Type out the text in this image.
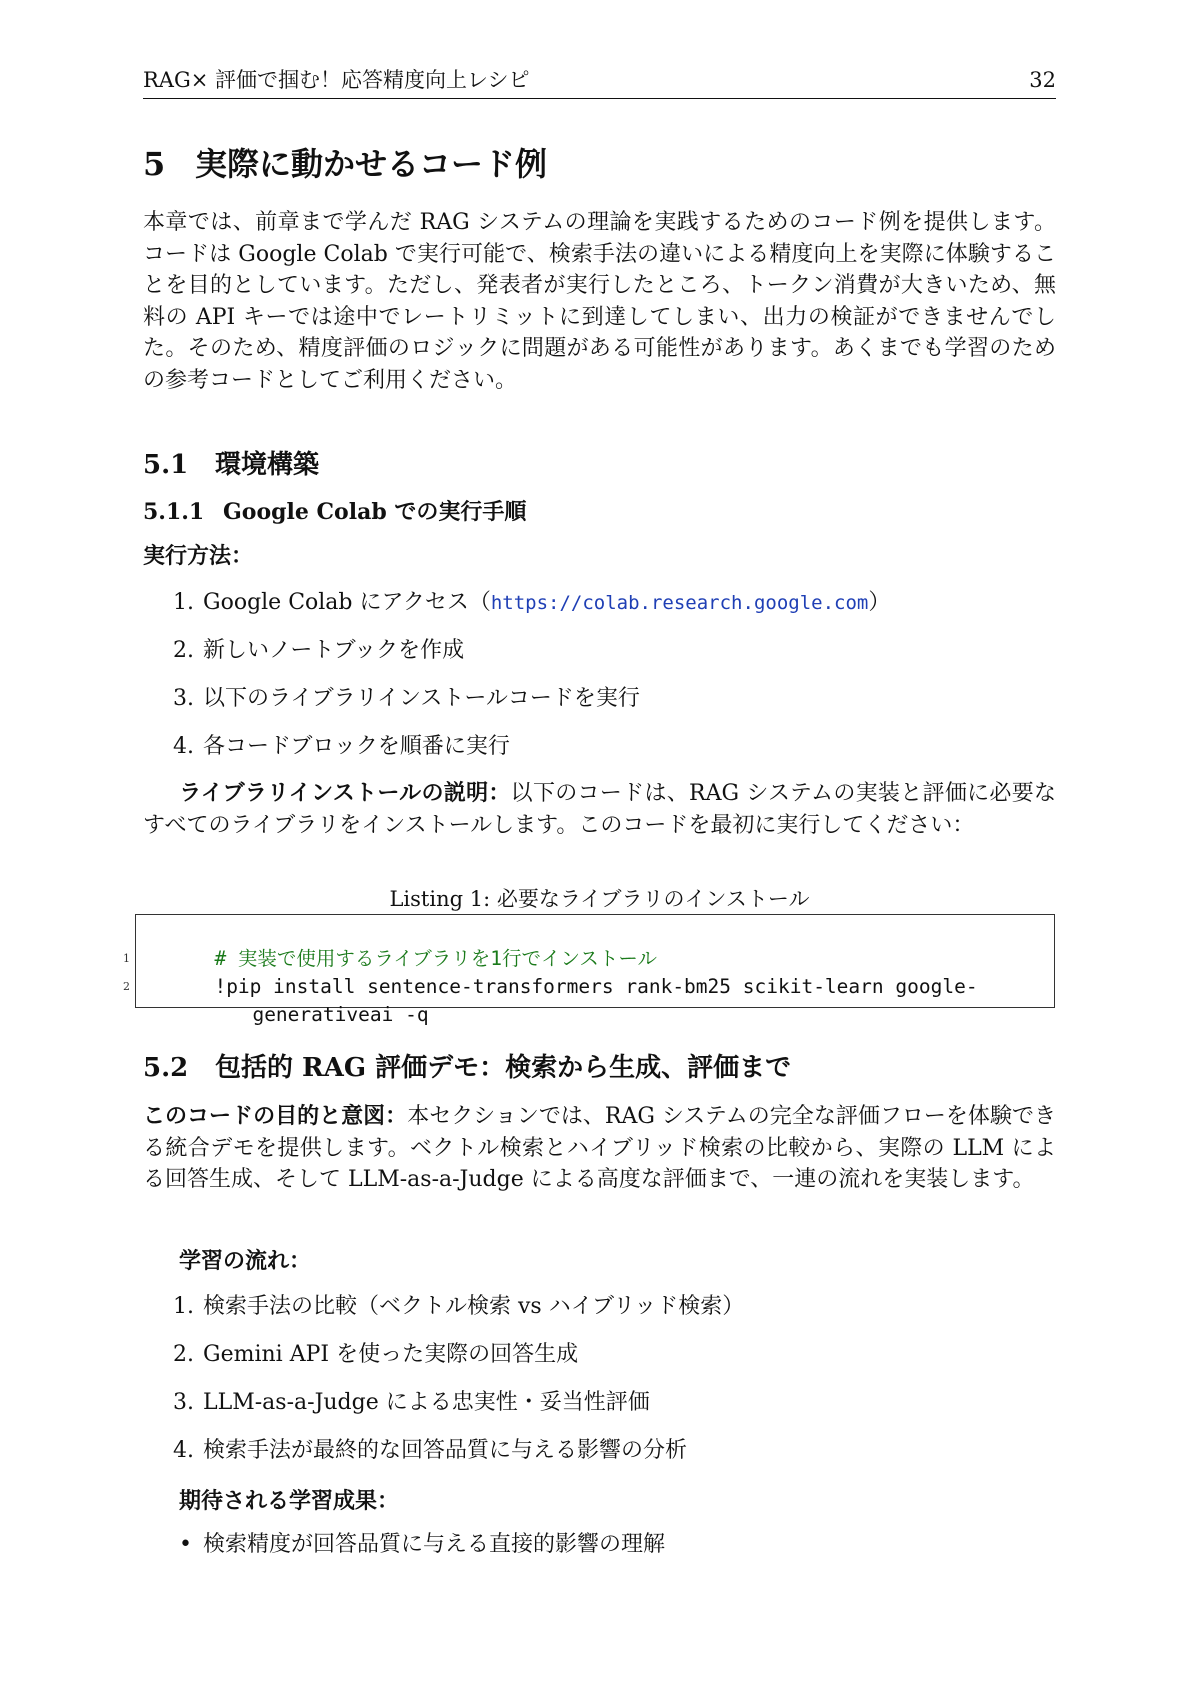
RAG× 評価で掴む！応答精度向上レシピ	32
5 実際に動かせるコード例

本章では、前章まで学んだ RAG システムの理論を実践するためのコード例を提供します。コードは Google Colab で実行可能で、検索手法の違いによる精度向上を実際に体験することを目的としています。ただし、発表者が実行したところ、トークン消費が大きいため、無料の API キーでは途中でレートリミットに到達してしまい、出力の検証ができませんでした。そのため、精度評価のロジックに問題がある可能性があります。あくまでも学習のための参考コードとしてご利用ください。

5.1 環境構築
5.1.1 Google Colab での実行手順
実行方法：
1. Google Colab にアクセス（https://colab.research.google.com）
2. 新しいノートブックを作成
3. 以下のライブラリインストールコードを実行
4. 各コードブロックを順番に実行

ライブラリインストールの説明：以下のコードは、RAG システムの実装と評価に必要なすべてのライブラリをインストールします。このコードを最初に実行してください：

Listing 1: 必要なライブラリのインストール

1	# 実装で使用するライブラリを1行でインストール

2	!pip install sentence-transformers rank-bm25 scikit-learn google-

generativeai -q

5.2 包括的 RAG 評価デモ：検索から生成、評価まで

このコードの目的と意図：本セクションでは、RAG システムの完全な評価フローを体験できる統合デモを提供します。ベクトル検索とハイブリッド検索の比較から、実際の LLM による回答生成、そして LLM-as-a-Judge による高度な評価まで、一連の流れを実装します。

学習の流れ：
1. 検索手法の比較（ベクトル検索 vs ハイブリッド検索）
2. Gemini API を使った実際の回答生成
3. LLM-as-a-Judge による忠実性・妥当性評価
4. 検索手法が最終的な回答品質に与える影響の分析
期待される学習成果：
• 検索精度が回答品質に与える直接的影響の理解
